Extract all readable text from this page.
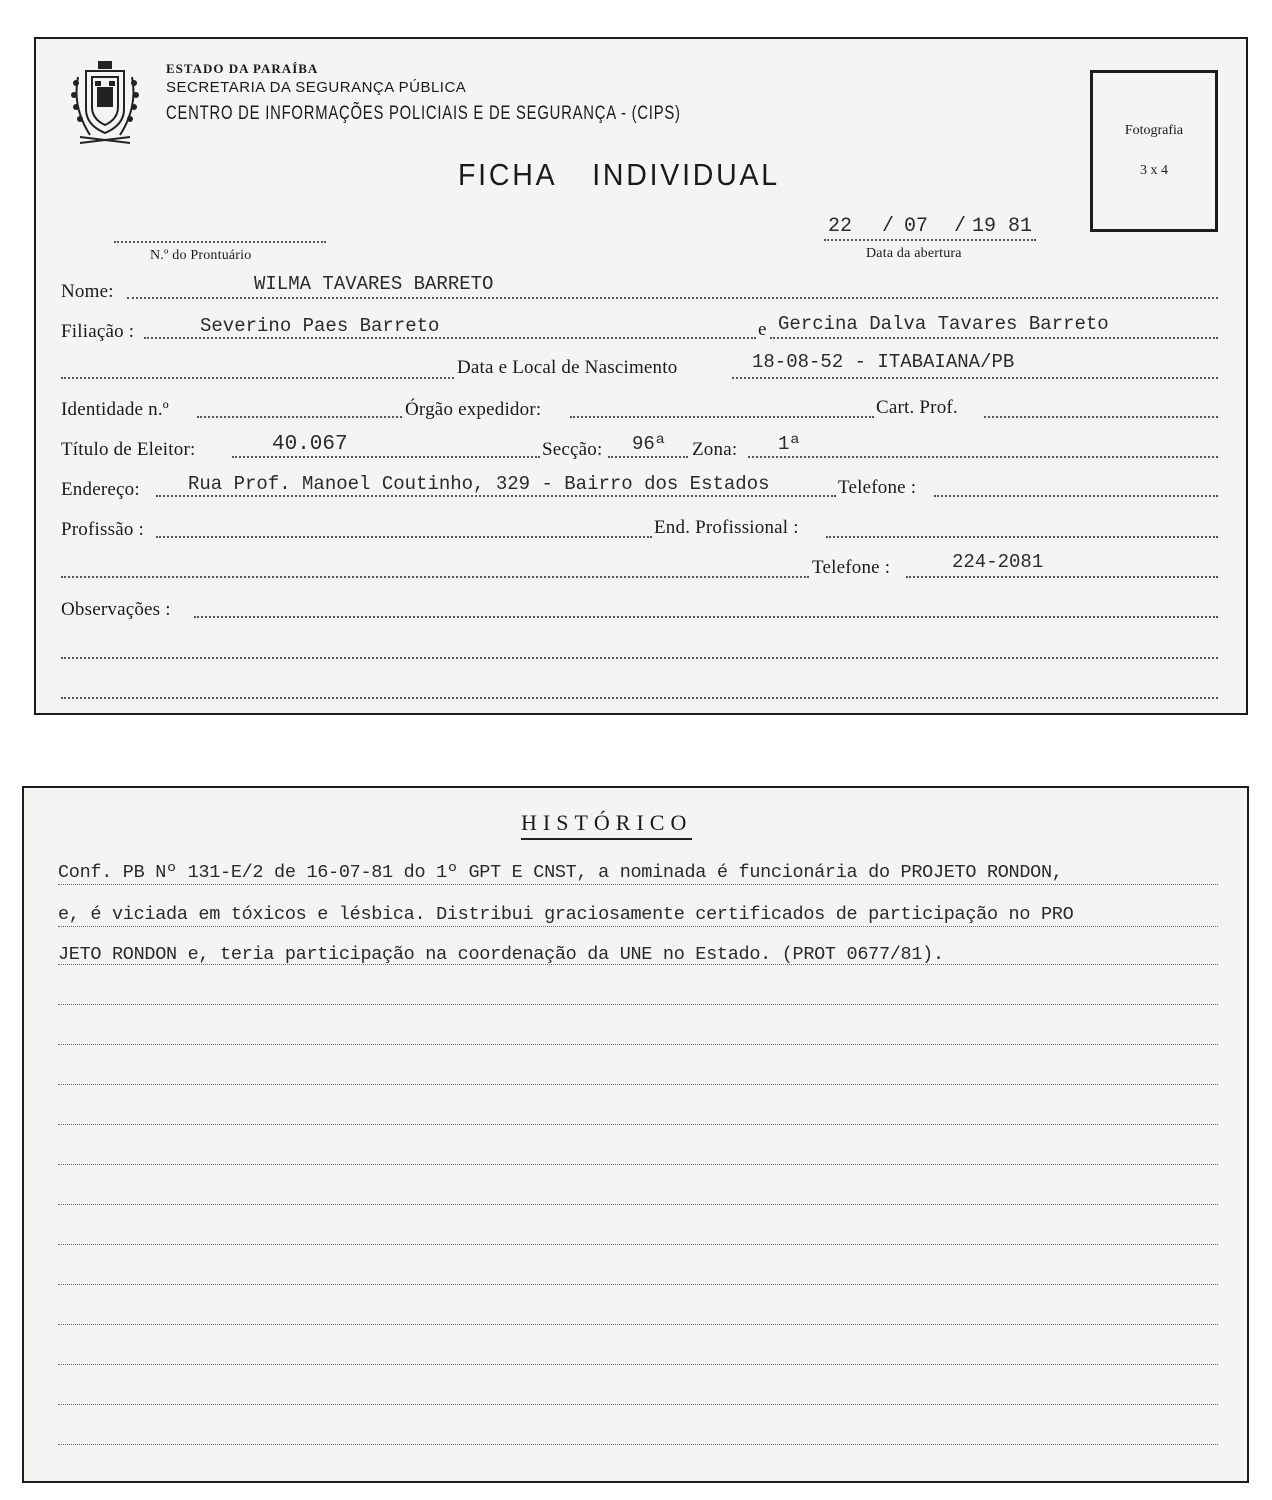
ESTADO DA PARAÍBA
SECRETARIA DA SEGURANÇA PÚBLICA
CENTRO DE INFORMAÇÕES POLICIAIS E DE SEGURANÇA - (CIPS)
FICHA INDIVIDUAL
Fotografia
3 x 4
N.º do Prontuário
22 / 07 / 19 81
Data da abertura
Nome:	WILMA TAVARES BARRETO
Filiação :	Severino Paes Barreto	e Gercina Dalva Tavares Barreto
Data e Local de Nascimento	18-08-52 - ITABAIANA/PB
Identidade n.º	Órgão expedidor:	Cart. Prof.
Título de Eleitor:	40.067	Secção: 96ª Zona: 1ª
Endereço:	Rua Prof. Manoel Coutinho, 329 - Bairro dos Estados	Telefone :
Profissão :	End. Profissional :
Telefone :	224-2081
Observações :
HISTÓRICO
Conf. PB Nº 131-E/2 de 16-07-81 do 1º GPT E CNST, a nominada é funcionária do PROJETO RONDON,
e, é viciada em tóxicos e lésbica. Distribui graciosamente certificados de participação no PRO
JETO RONDON e, teria participação na coordenação da UNE no Estado. (PROT 0677/81).
